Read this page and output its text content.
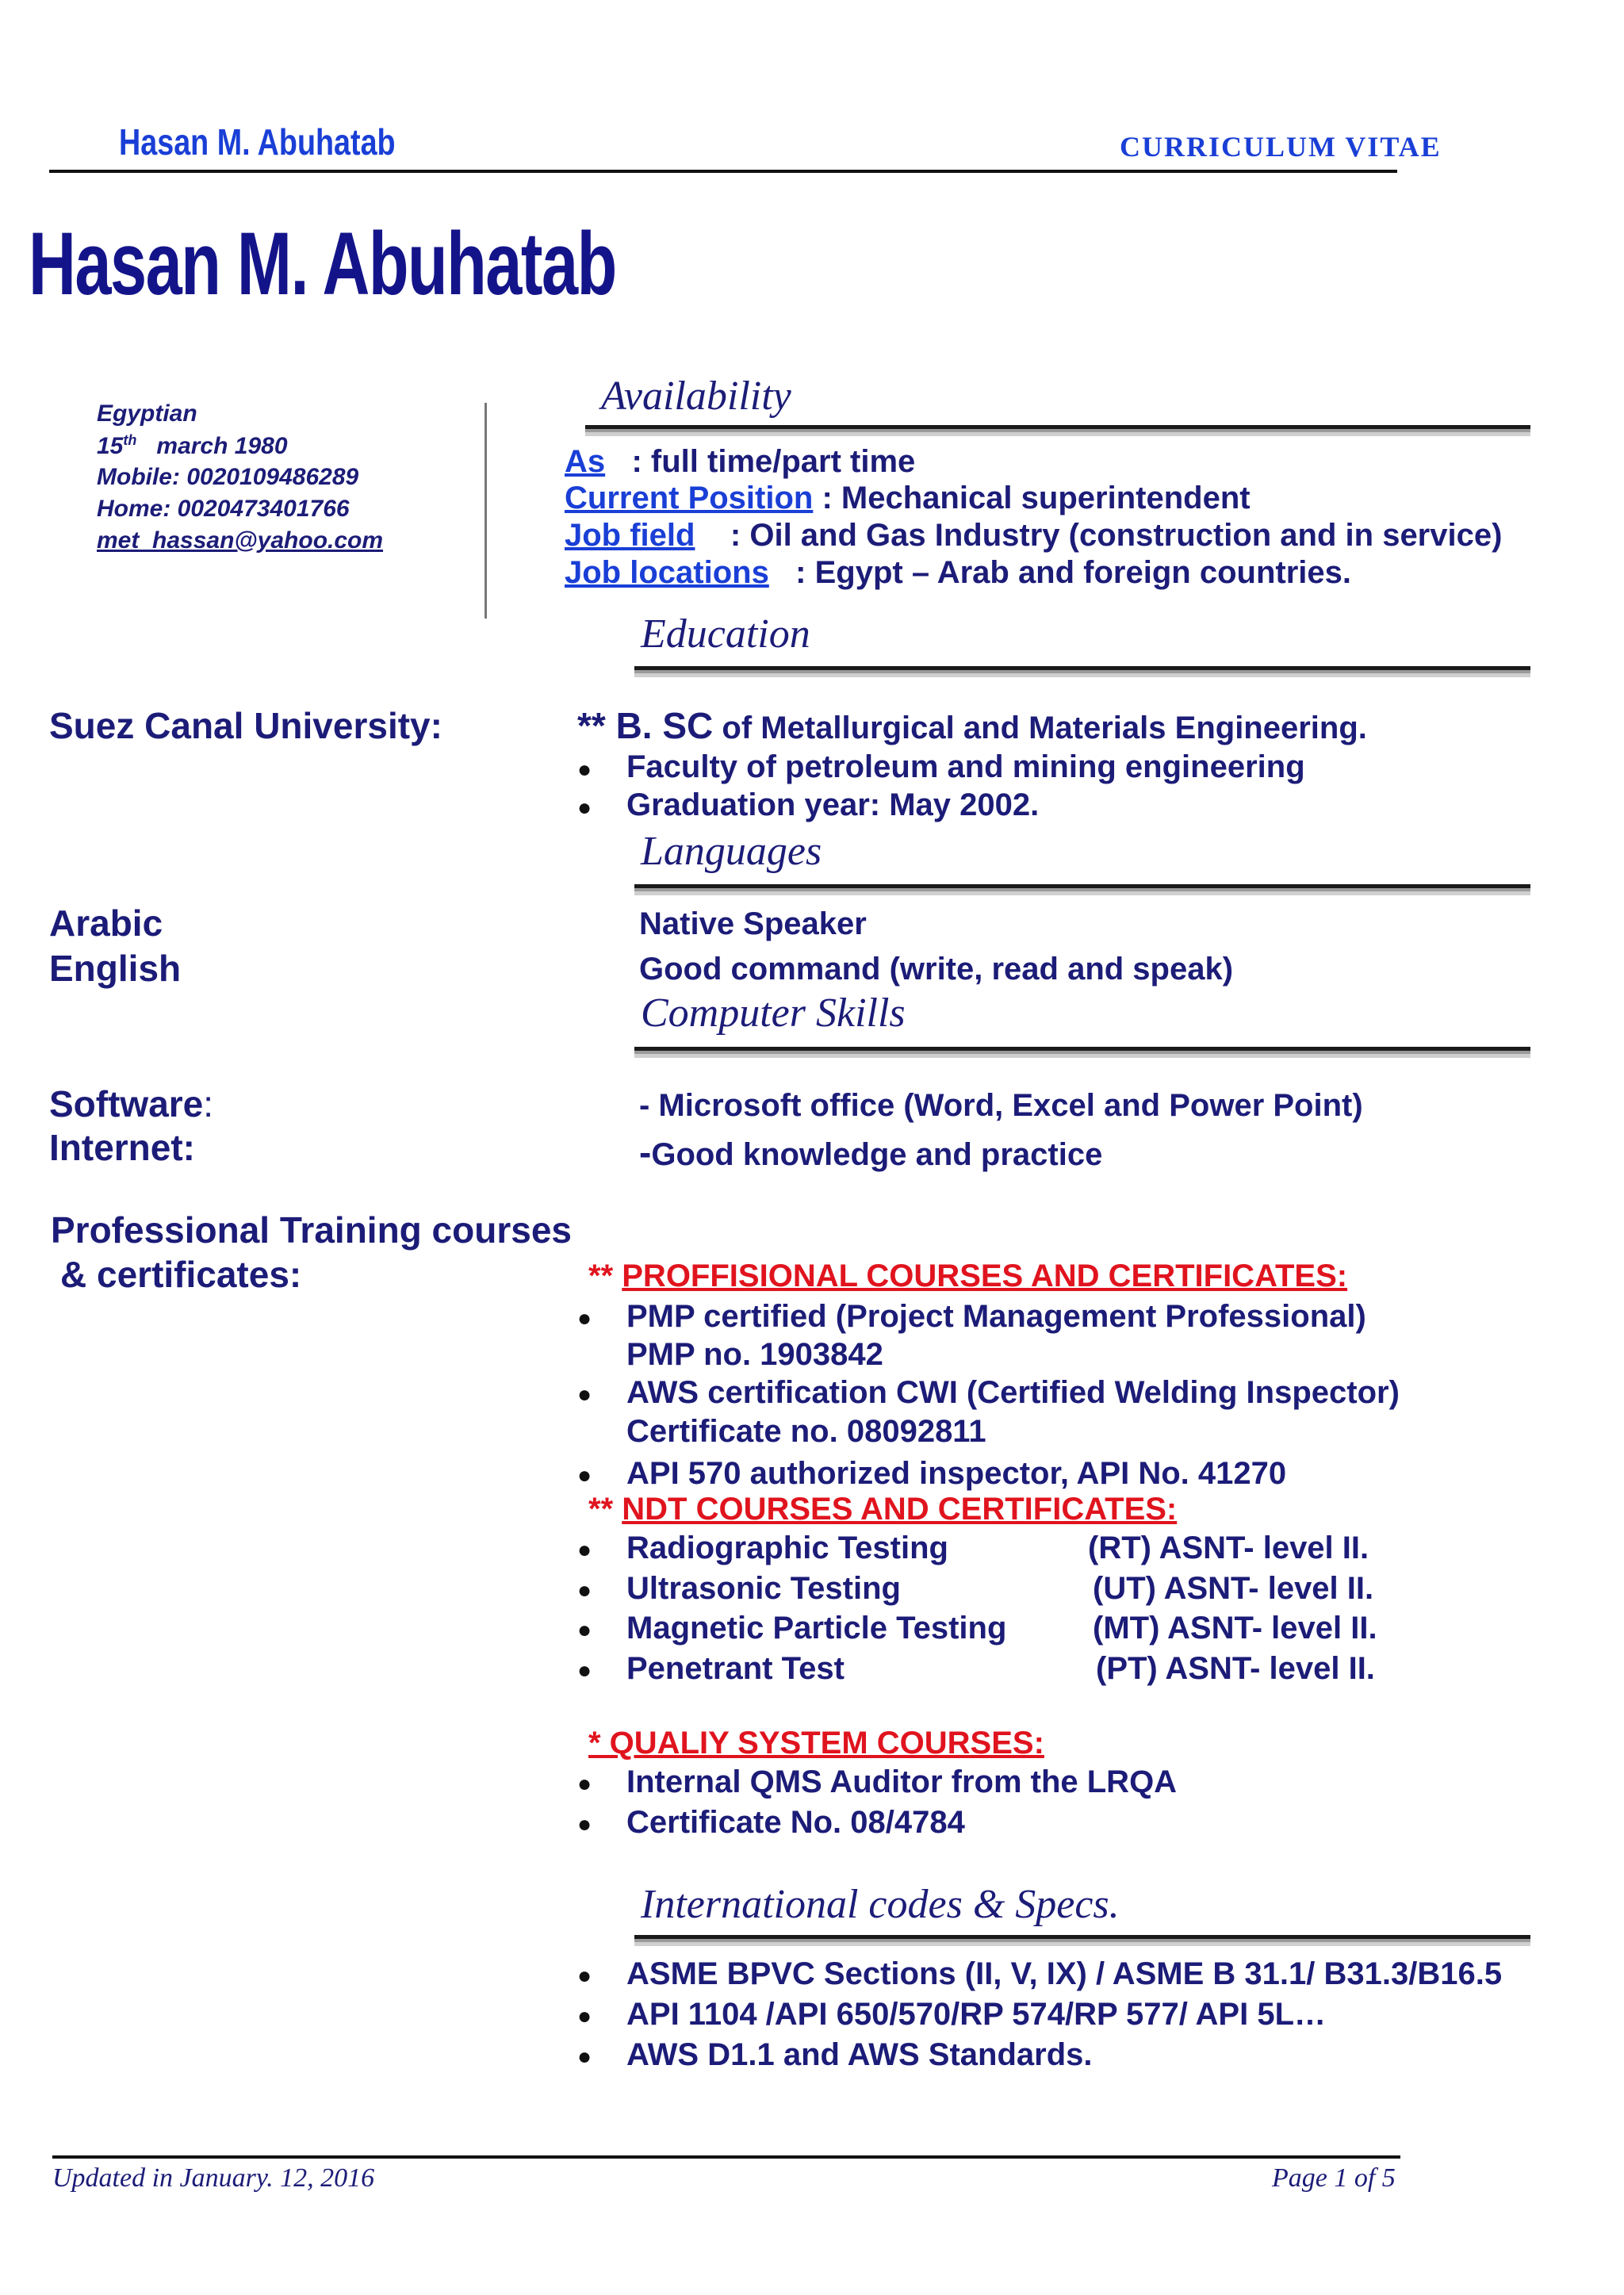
Hasan M. Abuhatab	CURRICULUM VITAE
Hasan M. Abuhatab
Egyptian
15th march 1980
Mobile: 0020109486289
Home: 0020473401766
met_hassan@yahoo.com
Availability
As : full time/part time
Current Position : Mechanical superintendent
Job field : Oil and Gas Industry (construction and in service)
Job locations : Egypt – Arab and foreign countries.
Education
Suez Canal University:	** B. SC of Metallurgical and Materials Engineering.
● Faculty of petroleum and mining engineering
● Graduation year: May 2002.
Languages
Arabic	Native Speaker
English	Good command (write, read and speak)
Computer Skills
Software:	- Microsoft office (Word, Excel and Power Point)
Internet:	-Good knowledge and practice
Professional Training courses
& certificates:	** PROFFISIONAL COURSES AND CERTIFICATES:
● PMP certified (Project Management Professional)
PMP no. 1903842
● AWS certification CWI (Certified Welding Inspector)
Certificate no. 08092811
● API 570 authorized inspector, API No. 41270
** NDT COURSES AND CERTIFICATES:
● Radiographic Testing	(RT) ASNT- level II.
● Ultrasonic Testing	(UT) ASNT- level II.
● Magnetic Particle Testing	(MT) ASNT- level II.
● Penetrant Test	(PT) ASNT- level II.
* QUALIY SYSTEM COURSES:
● Internal QMS Auditor from the LRQA
● Certificate No. 08/4784
International codes & Specs.
● ASME BPVC Sections (II, V, IX) / ASME B 31.1/ B31.3/B16.5
● API 1104 /API 650/570/RP 574/RP 577/ API 5L…
● AWS D1.1 and AWS Standards.
Updated in January. 12, 2016	Page 1 of 5
